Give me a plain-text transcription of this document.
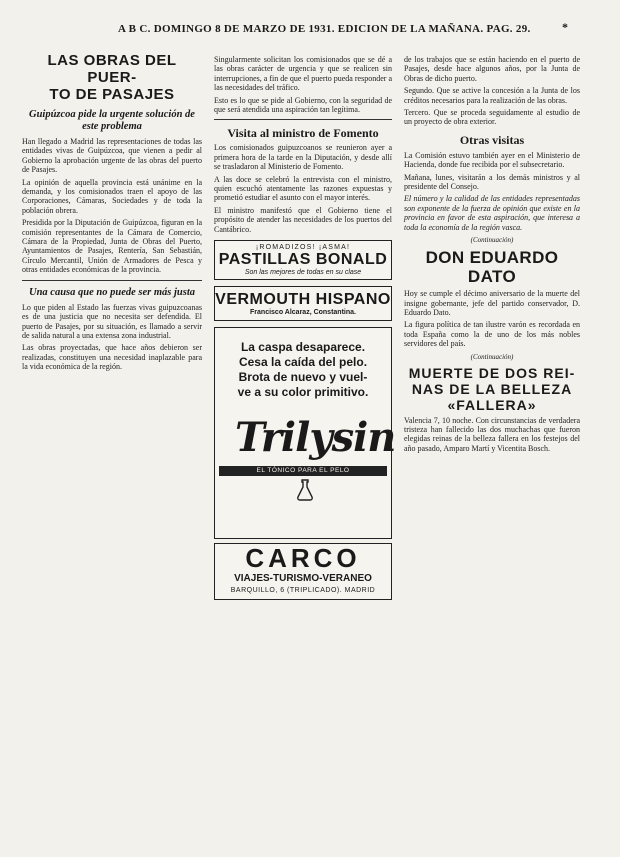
A B C. DOMINGO 8 DE MARZO DE 1931. EDICION DE LA MAÑANA. PAG. 29.	*
LAS OBRAS DEL PUER-
TO DE PASAJES
Guipúzcoa pide la urgente solución de este problema

Han llegado a Madrid las representaciones de todas las entidades vivas de Guipúzcoa, que vienen a pedir al Gobierno la aprobación urgente de las obras del puerto de Pasajes.

La opinión de aquella provincia está unánime en la demanda, y los comisionados traen el apoyo de las Corporaciones, Cámaras, Sociedades y de toda la población obrera.

Presidida por la Diputación de Guipúzcoa, figuran en la comisión representantes de la Cámara de Comercio, Cámara de la Propiedad, Junta de Obras del Puerto, Ayuntamientos de Pasajes, Rentería, San Sebastián, Círculo Mercantil, Unión de Armadores de Pesca y otras entidades económicas de la provincia.

Una causa que no puede ser más justa

Lo que piden al Estado las fuerzas vivas guipuzcoanas es de una justicia que no necesita ser defendida. El puerto de Pasajes, por su situación, es llamado a servir de salida natural a una extensa zona industrial.

Las obras proyectadas, que hace años debieron ser realizadas, constituyen una necesidad inaplazable para la vida económica de la región.

Singularmente solicitan los comisionados que se dé a las obras carácter de urgencia y que se realicen sin interrupciones, a fin de que el puerto pueda responder a las necesidades del tráfico.

Esto es lo que se pide al Gobierno, con la seguridad de que será atendida una aspiración tan legítima.

Visita al ministro de Fomento

Los comisionados guipuzcoanos se reunieron ayer a primera hora de la tarde en la Diputación, y desde allí se trasladaron al Ministerio de Fomento.

A las doce se celebró la entrevista con el ministro, quien escuchó atentamente las razones expuestas y prometió estudiar el asunto con el mayor interés.

El ministro manifestó que el Gobierno tiene el propósito de atender las necesidades de los puertos del Cantábrico.

¡ROMADIZOS! ¡ASMA!
PASTILLAS BONALD
Son las mejores de todas en su clase
VERMOUTH HISPANO
Francisco Alcaraz, Constantina.
La caspa desaparece.
Cesa la caída del pelo.
Brota de nuevo y vuel-
ve a su color primitivo.
Trilysin
EL TÓNICO PARA EL PELO
CARCO
VIAJES-TURISMO-VERANEO
BARQUILLO, 6 (TRIPLICADO). MADRID

de los trabajos que se están haciendo en el puerto de Pasajes, desde hace algunos años, por la Junta de Obras de dicho puerto.

Segundo. Que se active la concesión a la Junta de los créditos necesarios para la realización de las obras.

Tercero. Que se proceda seguidamente al estudio de un proyecto de obra exterior.

Otras visitas

La Comisión estuvo también ayer en el Ministerio de Hacienda, donde fue recibida por el subsecretario.

Mañana, lunes, visitarán a los demás ministros y al presidente del Consejo.

El número y la calidad de las entidades representadas son exponente de la fuerza de opinión que existe en la provincia en favor de esta aspiración, que interesa a toda la economía de la región vasca.

(Continuación)
DON EDUARDO DATO

Hoy se cumple el décimo aniversario de la muerte del insigne gobernante, jefe del partido conservador, D. Eduardo Dato.

La figura política de tan ilustre varón es recordada en toda España como la de uno de los más nobles servidores del país.

(Continuación)
MUERTE DE DOS REI-
NAS DE LA BELLEZA
«FALLERA»

Valencia 7, 10 noche. Con circunstancias de verdadera tristeza han fallecido las dos muchachas que fueron elegidas reinas de la belleza fallera en los festejos del año pasado, Amparo Martí y Vicentita Bosch.
